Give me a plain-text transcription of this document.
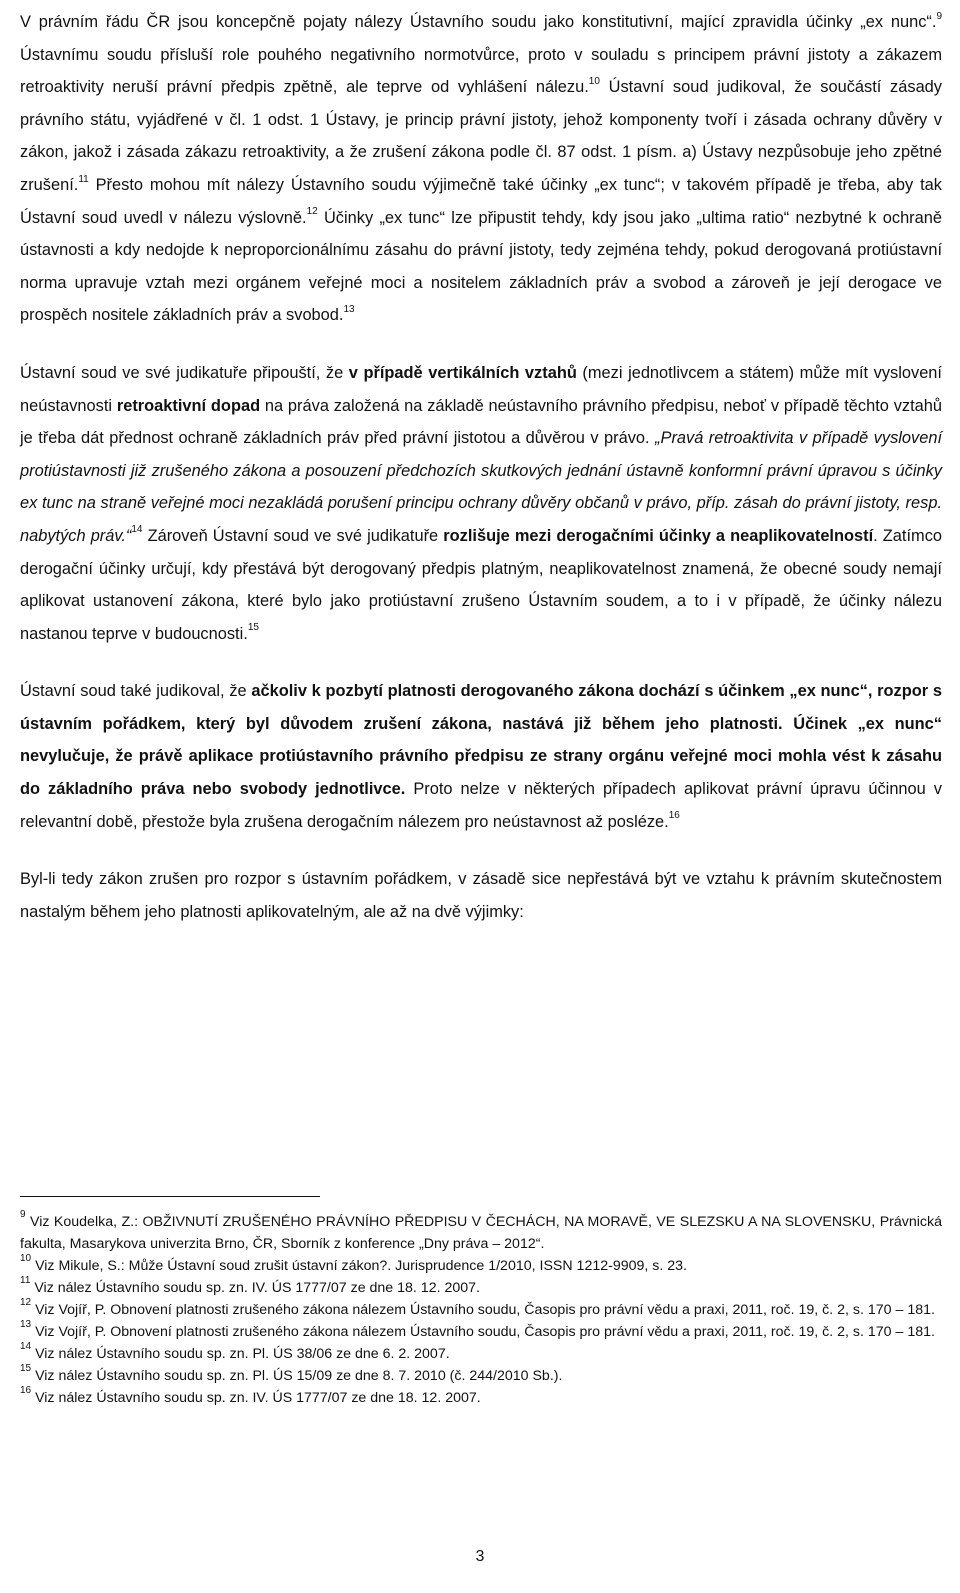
V právním řádu ČR jsou koncepčně pojaty nálezy Ústavního soudu jako konstitutivní, mající zpravidla účinky „ex nunc“.$^9$ Ústavnímu soudu přísluší role pouhého negativního normotvůrce, proto v souladu s principem právní jistoty a zákazem retroaktivity neruší právní předpis zpětně, ale teprve od vyhlášení nálezu.$^{10}$ Ústavní soud judikoval, že součástí zásady právního státu, vyjádřené v čl. 1 odst. 1 Ústavy, je princip právní jistoty, jehož komponenty tvoří i zásada ochrany důvěry v zákon, jakož i zásada zákazu retroaktivity, a že zrušení zákona podle čl. 87 odst. 1 písm. a) Ústavy nezpůsobuje jeho zpětné zrušení.$^{11}$ Přesto mohou mít nálezy Ústavního soudu výjimečně také účinky „ex tunc“; v takovém případě je třeba, aby tak Ústavní soud uvedl v nálezu výslovně.$^{12}$ Účinky „ex tunc“ lze připustit tehdy, kdy jsou jako „ultima ratio“ nezbytné k ochraně ústavnosti a kdy nedojde k neproporcionálnímu zásahu do právní jistoty, tedy zejména tehdy, pokud derogovaná protiústavní norma upravuje vztah mezi orgánem veřejné moci a nositelem základních práv a svobod a zároveň je její derogace ve prospěch nositele základních práv a svobod.$^{13}$

Ústavní soud ve své judikatuře připouští, že v případě vertikálních vztahů (mezi jednotlivcem a státem) může mít vyslovení neústavnosti retroaktivní dopad na práva založená na základě neústavního právního předpisu, neboť v případě těchto vztahů je třeba dát přednost ochraně základních práv před právní jistotou a důvěrou v právo. „Pravá retroaktivita v případě vyslovení protiústavnosti již zrušeného zákona a posouzení předchozích skutkových jednání ústavně konformní právní úpravou s účinky ex tunc na straně veřejné moci nezakládá porušení principu ochrany důvěry občanů v právo, příp. zásah do právní jistoty, resp. nabytých práv.“$^{14}$ Zároveň Ústavní soud ve své judikatuře rozlišuje mezi derogačními účinky a neaplikovatelností. Zatímco derogační účinky určují, kdy přestává být derogovaný předpis platným, neaplikovatelnost znamená, že obecné soudy nemají aplikovat ustanovení zákona, které bylo jako protiústavní zrušeno Ústavním soudem, a to i v případě, že účinky nálezu nastanou teprve v budoucnosti.$^{15}$

Ústavní soud také judikoval, že ačkoliv k pozbytí platnosti derogovaného zákona dochází s účinkem „ex nunc“, rozpor s ústavním pořádkem, který byl důvodem zrušení zákona, nastává již během jeho platnosti. Účinek „ex nunc“ nevylučuje, že právě aplikace protiústavního právního předpisu ze strany orgánu veřejné moci mohla vést k zásahu do základního práva nebo svobody jednotlivce. Proto nelze v některých případech aplikovat právní úpravu účinnou v relevantní době, přestože byla zrušena derogačním nálezem pro neústavnost až posléze.$^{16}$

Byl-li tedy zákon zrušen pro rozpor s ústavním pořádkem, v zásadě sice nepřestává být ve vztahu k právním skutečnostem nastalým během jeho platnosti aplikovatelným, ale až na dvě výjimky:

$^9$ Viz Koudelka, Z.: OBŽIVNUTÍ ZRUŠENÉHO PRÁVNÍHO PŘEDPISU V ČECHÁCH, NA MORAVĚ, VE SLEZSKU A NA SLOVENSKU, Právnická fakulta, Masarykova univerzita Brno, ČR, Sborník z konference „Dny práva – 2012“.

$^{10}$ Viz Mikule, S.: Může Ústavní soud zrušit ústavní zákon?. Jurisprudence 1/2010, ISSN 1212-9909, s. 23.

$^{11}$ Viz nález Ústavního soudu sp. zn. IV. ÚS 1777/07 ze dne 18. 12. 2007.

$^{12}$ Viz Vojíř, P. Obnovení platnosti zrušeného zákona nálezem Ústavního soudu, Časopis pro právní vědu a praxi, 2011, roč. 19, č. 2, s. 170 – 181.

$^{13}$ Viz Vojíř, P. Obnovení platnosti zrušeného zákona nálezem Ústavního soudu, Časopis pro právní vědu a praxi, 2011, roč. 19, č. 2, s. 170 – 181.

$^{14}$ Viz nález Ústavního soudu sp. zn. Pl. ÚS 38/06 ze dne 6. 2. 2007.

$^{15}$ Viz nález Ústavního soudu sp. zn. Pl. ÚS 15/09 ze dne 8. 7. 2010 (č. 244/2010 Sb.).

$^{16}$ Viz nález Ústavního soudu sp. zn. IV. ÚS 1777/07 ze dne 18. 12. 2007.

3
